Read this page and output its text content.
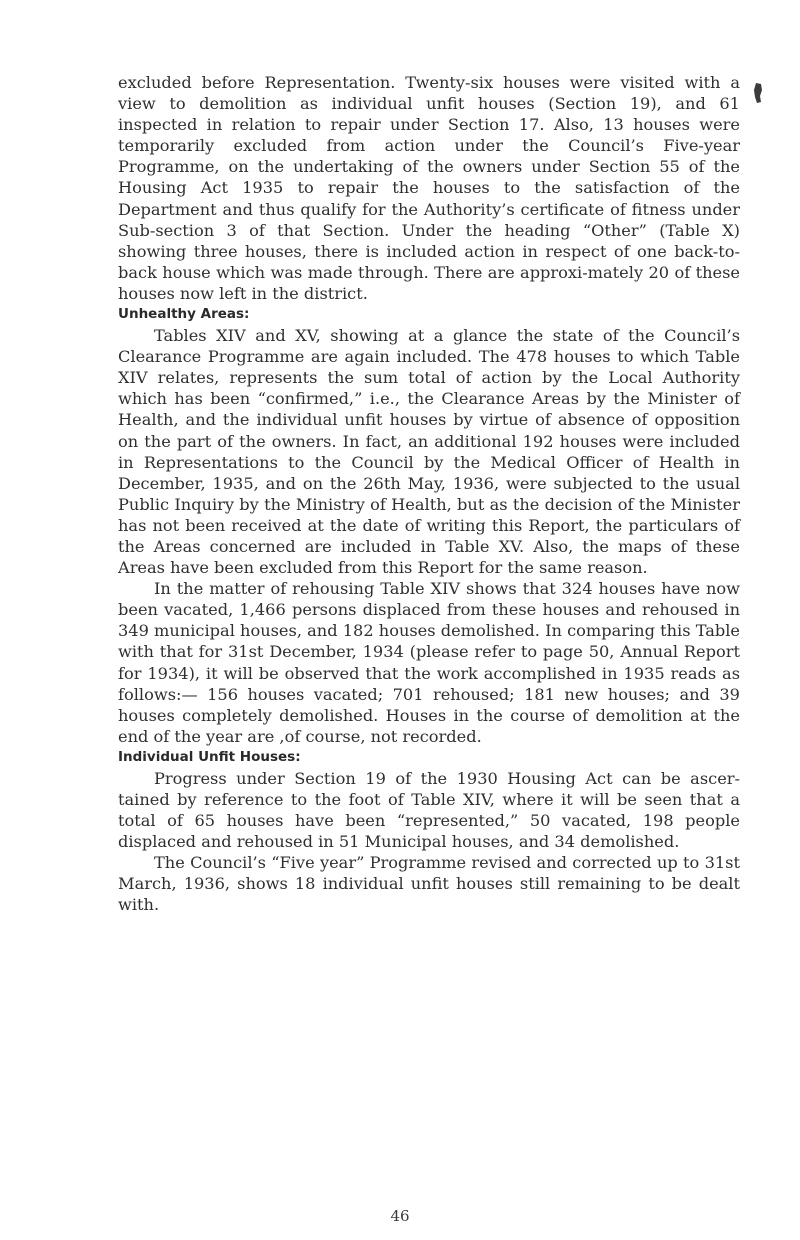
excluded before Representation. Twenty-six houses were visited with a view to demolition as individual unfit houses (Section 19), and 61 inspected in relation to repair under Section 17. Also, 13 houses were temporarily excluded from action under the Council’s Five-year Programme, on the undertaking of the owners under Section 55 of the Housing Act 1935 to repair the houses to the satisfaction of the Department and thus qualify for the Authority’s certificate of fitness under Sub-section 3 of that Section. Under the heading “Other” (Table X) showing three houses, there is included action in respect of one back-to-back house which was made through. There are approxi-mately 20 of these houses now left in the district.

Unhealthy Areas:

Tables XIV and XV, showing at a glance the state of the Council’s Clearance Programme are again included. The 478 houses to which Table XIV relates, represents the sum total of action by the Local Authority which has been “confirmed,” i.e., the Clearance Areas by the Minister of Health, and the individual unfit houses by virtue of absence of opposition on the part of the owners. In fact, an additional 192 houses were included in Representations to the Council by the Medical Officer of Health in December, 1935, and on the 26th May, 1936, were subjected to the usual Public Inquiry by the Ministry of Health, but as the decision of the Minister has not been received at the date of writing this Report, the particulars of the Areas concerned are included in Table XV. Also, the maps of these Areas have been excluded from this Report for the same reason.

In the matter of rehousing Table XIV shows that 324 houses have now been vacated, 1,466 persons displaced from these houses and rehoused in 349 municipal houses, and 182 houses demolished. In comparing this Table with that for 31st December, 1934 (please refer to page 50, Annual Report for 1934), it will be observed that the work accomplished in 1935 reads as follows:— 156 houses vacated; 701 rehoused; 181 new houses; and 39 houses completely demolished. Houses in the course of demolition at the end of the year are ,of course, not recorded.

Individual Unfit Houses:

Progress under Section 19 of the 1930 Housing Act can be ascer-tained by reference to the foot of Table XIV, where it will be seen that a total of 65 houses have been “represented,” 50 vacated, 198 people displaced and rehoused in 51 Municipal houses, and 34 demolished.

The Council’s “Five year” Programme revised and corrected up to 31st March, 1936, shows 18 individual unfit houses still remaining to be dealt with.

46
